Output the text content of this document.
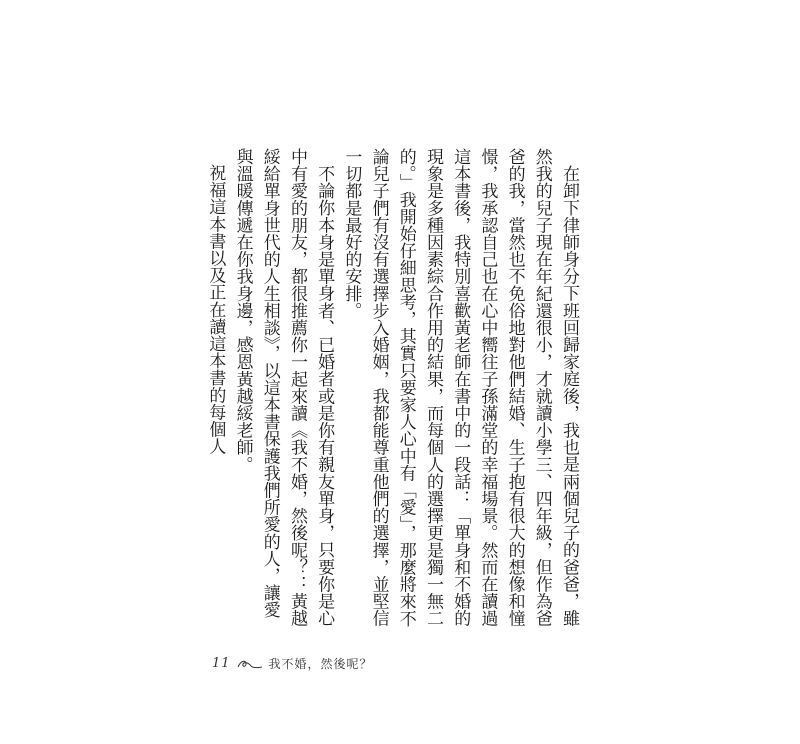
在卸下律師身分下班回歸家庭後，我也是兩個兒子的爸爸，雖然我的兒子現在年紀還很小，才就讀小學三、四年級，但作為爸爸的我，當然也不免俗地對他們結婚、生子抱有很大的想像和憧憬，我承認自己也在心中嚮往子孫滿堂的幸福場景。然而在讀過這本書後，我特別喜歡黃老師在書中的一段話：「單身和不婚的現象是多種因素綜合作用的結果，而每個人的選擇更是獨一無二的。」我開始仔細思考，其實只要家人心中有「愛」，那麼將來不論兒子們有沒有選擇步入婚姻，我都能尊重他們的選擇，並堅信一切都是最好的安排。

不論你本身是單身者、已婚者或是你有親友單身，只要你是心中有愛的朋友，都很推薦你一起來讀《我不婚，然後呢？：黃越綏給單身世代的人生相談》，以這本書保護我們所愛的人，讓愛與溫暖傳遞在你我身邊，感恩黃越綏老師。

祝福這本書以及正在讀這本書的每個人

11	我不婚，然後呢？
